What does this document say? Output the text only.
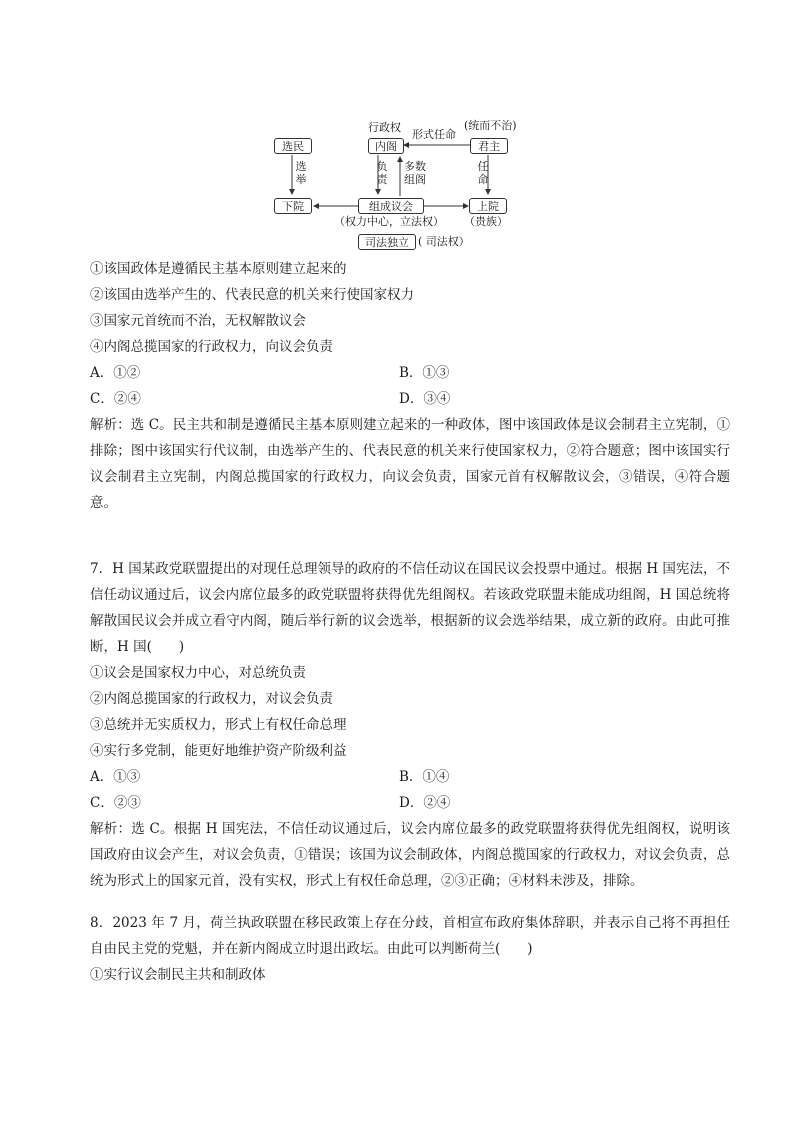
选民
选举
下院
行政权
内阁
形式任命
(统而不治)
君主
负责
多数组阁
任命
组成议会	上院
（权力中心，立法权） （贵族）
司法独立 ( 司法权）
①该国政体是遵循民主基本原则建立起来的
②该国由选举产生的、代表民意的机关来行使国家权力
③国家元首统而不治，无权解散议会
④内阁总揽国家的行政权力，向议会负责
A．①②	B．①③
C．②④	D．③④
解析：选 C。民主共和制是遵循民主基本原则建立起来的一种政体，图中该国政体是议会制君主立宪制，①排除；图中该国实行代议制，由选举产生的、代表民意的机关来行使国家权力，②符合题意；图中该国实行议会制君主立宪制，内阁总揽国家的行政权力，向议会负责，国家元首有权解散议会，③错误，④符合题意。
7．H 国某政党联盟提出的对现任总理领导的政府的不信任动议在国民议会投票中通过。根据 H 国宪法，不信任动议通过后，议会内席位最多的政党联盟将获得优先组阁权。若该政党联盟未能成功组阁，H 国总统将解散国民议会并成立看守内阁，随后举行新的议会选举，根据新的议会选举结果，成立新的政府。由此可推断，H 国(　　)
①议会是国家权力中心，对总统负责
②内阁总揽国家的行政权力，对议会负责
③总统并无实质权力，形式上有权任命总理
④实行多党制，能更好地维护资产阶级利益
A．①③	B．①④
C．②③	D．②④
解析：选 C。根据 H 国宪法，不信任动议通过后，议会内席位最多的政党联盟将获得优先组阁权，说明该国政府由议会产生，对议会负责，①错误；该国为议会制政体，内阁总揽国家的行政权力，对议会负责，总统为形式上的国家元首，没有实权，形式上有权任命总理，②③正确；④材料未涉及，排除。
8．2023 年 7 月，荷兰执政联盟在移民政策上存在分歧，首相宣布政府集体辞职，并表示自己将不再担任自由民主党的党魁，并在新内阁成立时退出政坛。由此可以判断荷兰(　　)
①实行议会制民主共和制政体
